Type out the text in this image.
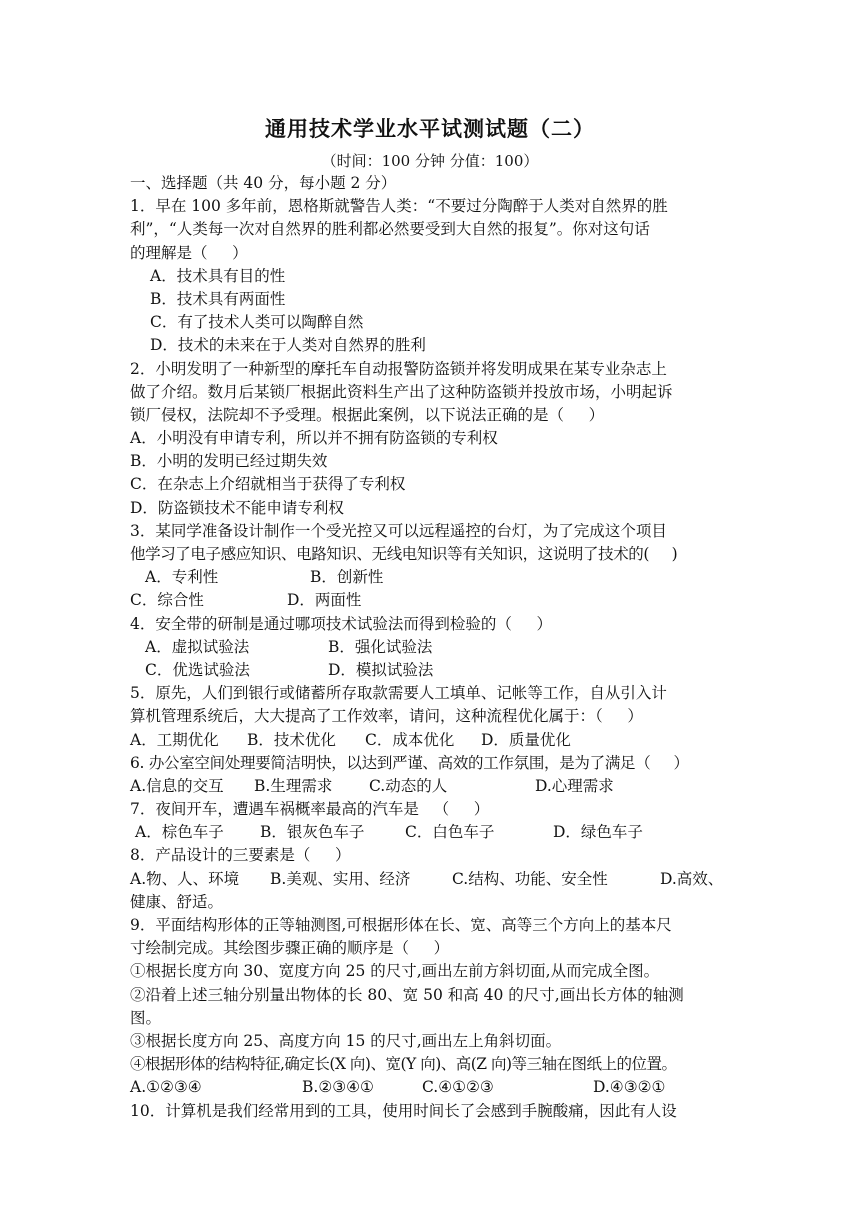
通用技术学业水平试测试题（二）
（时间：100 分钟 分值：100）
一、选择题（共 40 分，每小题 2 分）
1．早在 100 多年前，恩格斯就警告人类：“不要过分陶醉于人类对自然界的胜
利”，“人类每一次对自然界的胜利都必然要受到大自然的报复”。你对这句话
的理解是（     ）
A．技术具有目的性
B．技术具有两面性
C．有了技术人类可以陶醉自然
D．技术的未来在于人类对自然界的胜利
2．小明发明了一种新型的摩托车自动报警防盗锁并将发明成果在某专业杂志上
做了介绍。数月后某锁厂根据此资料生产出了这种防盗锁并投放市场，小明起诉
锁厂侵权，法院却不予受理。根据此案例，以下说法正确的是（     ）
A．小明没有申请专利，所以并不拥有防盗锁的专利权
B．小明的发明已经过期失效
C．在杂志上介绍就相当于获得了专利权
D．防盗锁技术不能申请专利权
3．某同学准备设计制作一个受光控又可以远程遥控的台灯，为了完成这个项目
他学习了电子感应知识、电路知识、无线电知识等有关知识，这说明了技术的(     )
A．专利性	B．创新性
C．综合性	D．两面性
4．安全带的研制是通过哪项技术试验法而得到检验的（     ）
A．虚拟试验法	B．强化试验法
C．优选试验法	D．模拟试验法
5．原先，人们到银行或储蓄所存取款需要人工填单、记帐等工作，自从引入计
算机管理系统后，大大提高了工作效率，请问，这种流程优化属于：（     ）
A．工期优化	B．技术优化	C．成本优化	D．质量优化
6. 办公室空间处理要简洁明快，以达到严谨、高效的工作氛围，是为了满足（     ）
A.信息的交互	B.生理需求	C.动态的人	D.心理需求
7．夜间开车，遭遇车祸概率最高的汽车是   （     ）
A．棕色车子	B．银灰色车子	C．白色车子	D．绿色车子
8．产品设计的三要素是（     ）
A.物、人、环境	B.美观、实用、经济	C.结构、功能、安全性	D.高效、
健康、舒适。
9．平面结构形体的正等轴测图,可根据形体在长、宽、高等三个方向上的基本尺
寸绘制完成。其绘图步骤正确的顺序是（     ）
①根据长度方向 30、宽度方向 25 的尺寸,画出左前方斜切面,从而完成全图。
②沿着上述三轴分别量出物体的长 80、宽 50 和高 40 的尺寸,画出长方体的轴测
图。
③根据长度方向 25、高度方向 15 的尺寸,画出左上角斜切面。
④根据形体的结构特征,确定长(X 向)、宽(Y 向)、高(Z 向)等三轴在图纸上的位置。
A.①②③④	B.②③④①	C.④①②③	D.④③②①
10．计算机是我们经常用到的工具，使用时间长了会感到手腕酸痛，因此有人设
